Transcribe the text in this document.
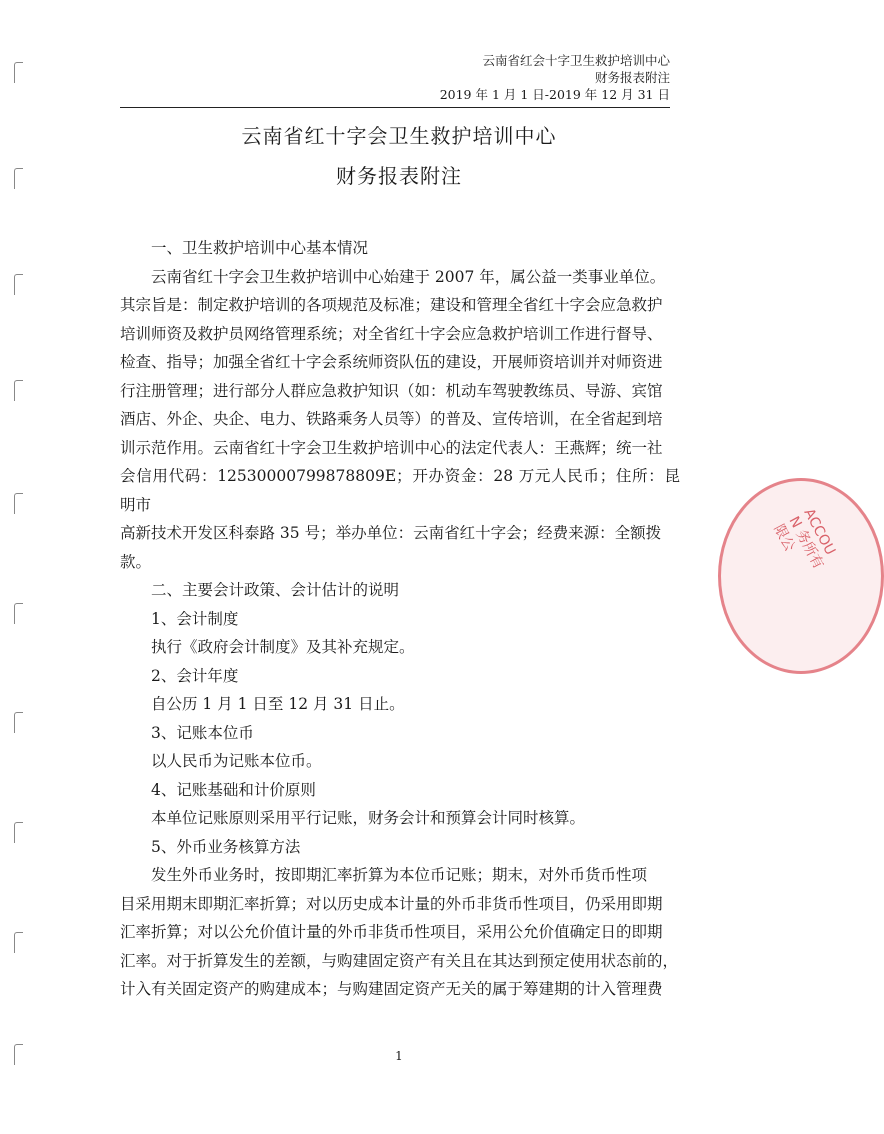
云南省红会十字卫生救护培训中心
财务报表附注
2019 年 1 月 1 日-2019 年 12 月 31 日
云南省红十字会卫生救护培训中心
财务报表附注

一、卫生救护培训中心基本情况

云南省红十字会卫生救护培训中心始建于 2007 年，属公益一类事业单位。

其宗旨是：制定救护培训的各项规范及标准；建设和管理全省红十字会应急救护

培训师资及救护员网络管理系统；对全省红十字会应急救护培训工作进行督导、

检查、指导；加强全省红十字会系统师资队伍的建设，开展师资培训并对师资进

行注册管理；进行部分人群应急救护知识（如：机动车驾驶教练员、导游、宾馆

酒店、外企、央企、电力、铁路乘务人员等）的普及、宣传培训，在全省起到培

训示范作用。云南省红十字会卫生救护培训中心的法定代表人：王燕辉；统一社

会信用代码：12530000799878809E；开办资金：28 万元人民币；住所：昆明市

高新技术开发区科泰路 35 号；举办单位：云南省红十字会；经费来源：全额拨

款。

二、主要会计政策、会计估计的说明

1、会计制度

执行《政府会计制度》及其补充规定。

2、会计年度

自公历 1 月 1 日至 12 月 31 日止。

3、记账本位币

以人民币为记账本位币。

4、记账基础和计价原则

本单位记账原则采用平行记账，财务会计和预算会计同时核算。

5、外币业务核算方法

发生外币业务时，按即期汇率折算为本位币记账；期末，对外币货币性项

目采用期末即期汇率折算；对以历史成本计量的外币非货币性项目，仍采用即期

汇率折算；对以公允价值计量的外币非货币性项目，采用公允价值确定日的即期

汇率。对于折算发生的差额，与购建固定资产有关且在其达到预定使用状态前的，

计入有关固定资产的购建成本；与购建固定资产无关的属于筹建期的计入管理费

ACCOUN 务所有限公
1
